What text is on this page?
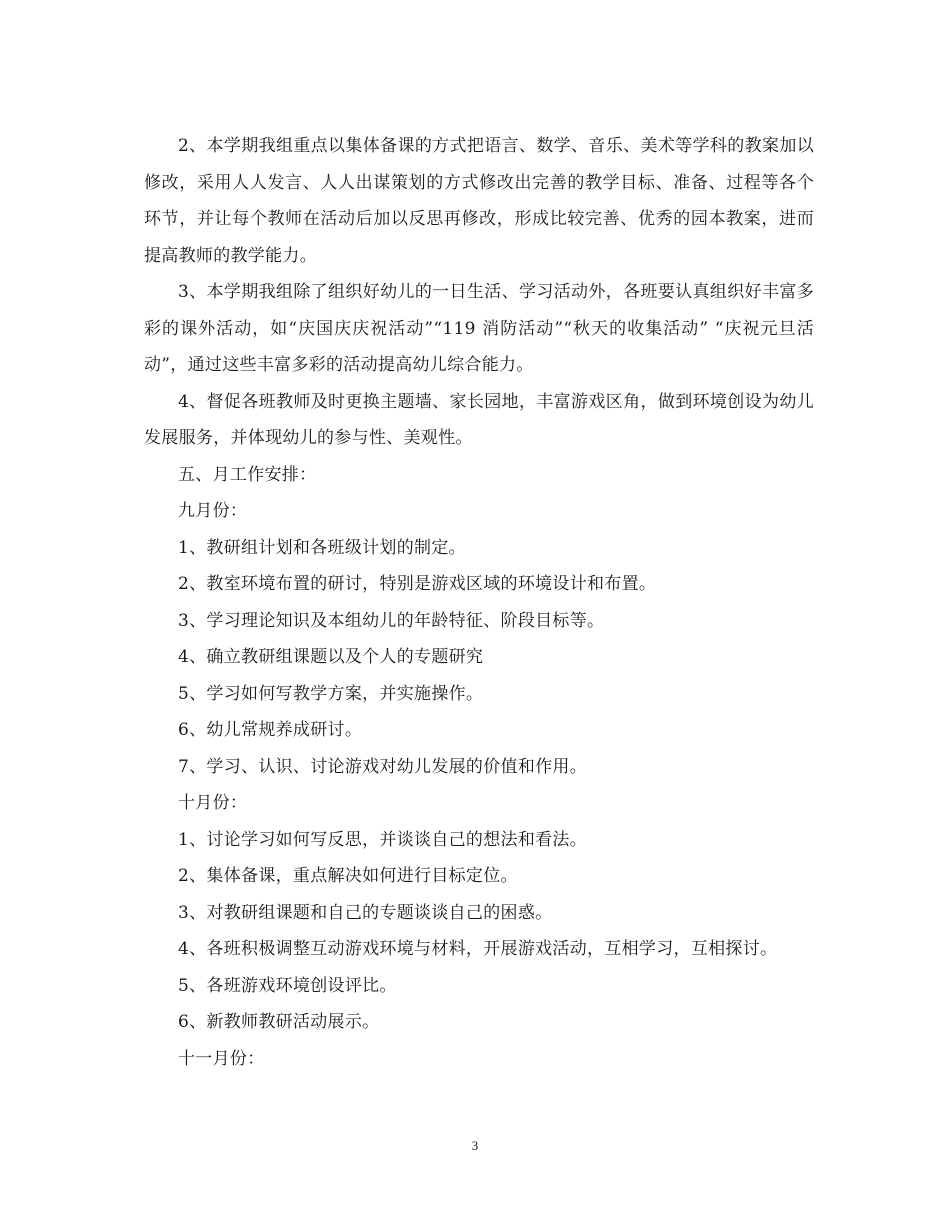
2、本学期我组重点以集体备课的方式把语言、数学、音乐、美术等学科的教案加以修改，采用人人发言、人人出谋策划的方式修改出完善的教学目标、准备、过程等各个环节，并让每个教师在活动后加以反思再修改，形成比较完善、优秀的园本教案，进而提高教师的教学能力。

3、本学期我组除了组织好幼儿的一日生活、学习活动外，各班要认真组织好丰富多彩的课外活动，如“庆国庆庆祝活动”“119 消防活动”“秋天的收集活动” “庆祝元旦活动”，通过这些丰富多彩的活动提高幼儿综合能力。

4、督促各班教师及时更换主题墙、家长园地，丰富游戏区角，做到环境创设为幼儿发展服务，并体现幼儿的参与性、美观性。

五、月工作安排：

九月份：

1、教研组计划和各班级计划的制定。

2、教室环境布置的研讨，特别是游戏区域的环境设计和布置。

3、学习理论知识及本组幼儿的年龄特征、阶段目标等。

4、确立教研组课题以及个人的专题研究

5、学习如何写教学方案，并实施操作。

6、幼儿常规养成研讨。

7、学习、认识、讨论游戏对幼儿发展的价值和作用。

十月份：

1、讨论学习如何写反思，并谈谈自己的想法和看法。

2、集体备课，重点解决如何进行目标定位。

3、对教研组课题和自己的专题谈谈自己的困惑。

4、各班积极调整互动游戏环境与材料，开展游戏活动，互相学习，互相探讨。

5、各班游戏环境创设评比。

6、新教师教研活动展示。

十一月份：

3
